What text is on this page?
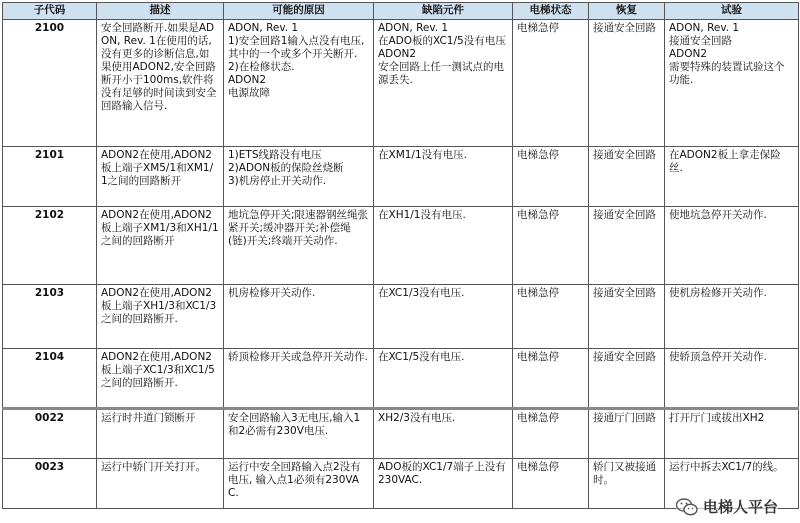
子代码	描述	可能的原因	缺陷元件	电梯状态	恢复	试验
2100	安全回路断开.如果是ADON, Rev. 1在使用的话,没有更多的诊断信息,如果使用ADON2,安全回路断开小于100ms,软件将没有足够的时间读到安全回路输入信号.	ADON, Rev. 1
1)安全回路1输入点没有电压,其中的一个或多个开关断开.
2)在检修状态.
ADON2
电源故障	ADON, Rev. 1
在ADO板的XC1/5没有电压
ADON2
安全回路上任一测试点的电源丢失.	电梯急停	接通安全回路	ADON, Rev. 1
接通安全回路
ADON2
需要特殊的装置试验这个功能.
2101	ADON2在使用,ADON2板上端子XM5/1和XM1/1之间的回路断开	1)ETS线路没有电压
2)ADON板的保险丝烧断
3)机房停止开关动作.	在XM1/1没有电压.	电梯急停	接通安全回路	在ADON2板上拿走保险丝.
2102	ADON2在使用,ADON2板上端子XM1/3和XH1/1之间的回路断开	地坑急停开关;限速器钢丝绳张紧开关;缓冲器开关;补偿绳(链)开关;终端开关动作.	在XH1/1没有电压.	电梯急停	接通安全回路	使地坑急停开关动作.
2103	ADON2在使用,ADON2板上端子XH1/3和XC1/3之间的回路断开.	机房检修开关动作.	在XC1/3没有电压.	电梯急停	接通安全回路	使机房检修开关动作.
2104	ADON2在使用,ADON2板上端子XC1/3和XC1/5之间的回路断开.	轿顶检修开关或急停开关动作.	在XC1/5没有电压.	电梯急停	接通安全回路	使轿顶急停开关动作.
0022	运行时井道门锁断开	安全回路输入3无电压,输入1和2必需有230V电压.	XH2/3没有电压.	电梯急停	接通厅门回路	打开厅门或拔出XH2
0023	运行中轿门开关打开。	运行中安全回路输入点2没有电压, 输入点1必须有230VAC.	ADO板的XC1/7端子上没有230VAC.	电梯急停	轿门又被接通时。	运行中拆去XC1/7的线。
电梯人平台
